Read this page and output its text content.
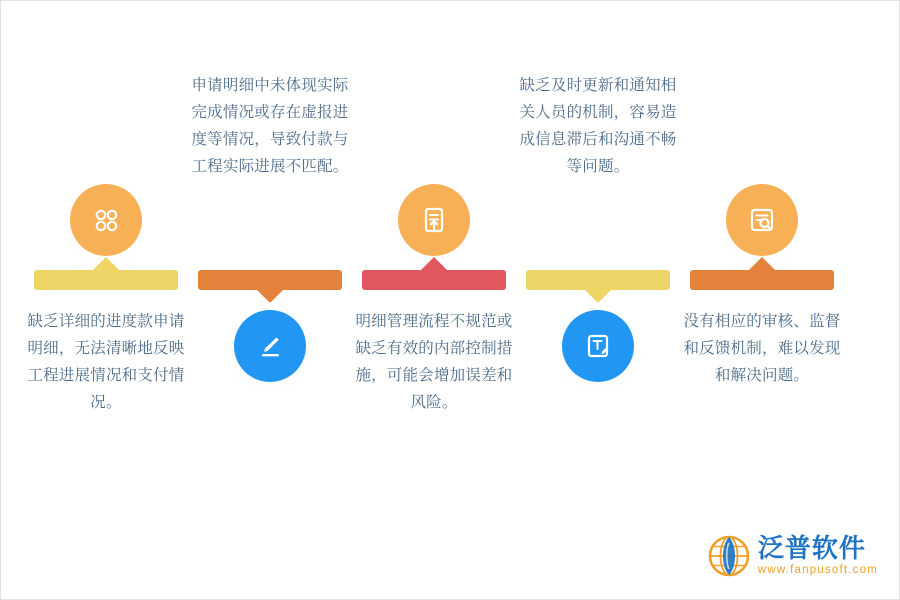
缺乏详细的进度款申请明细，无法清晰地反映工程进展情况和支付情况。
申请明细中未体现实际完成情况或存在虚报进度等情况，导致付款与工程实际进展不匹配。
明细管理流程不规范或缺乏有效的内部控制措施，可能会增加误差和风险。
缺乏及时更新和通知相关人员的机制，容易造成信息滞后和沟通不畅等问题。
没有相应的审核、监督和反馈机制，难以发现和解决问题。
泛普软件
www.fanpusoft.com
